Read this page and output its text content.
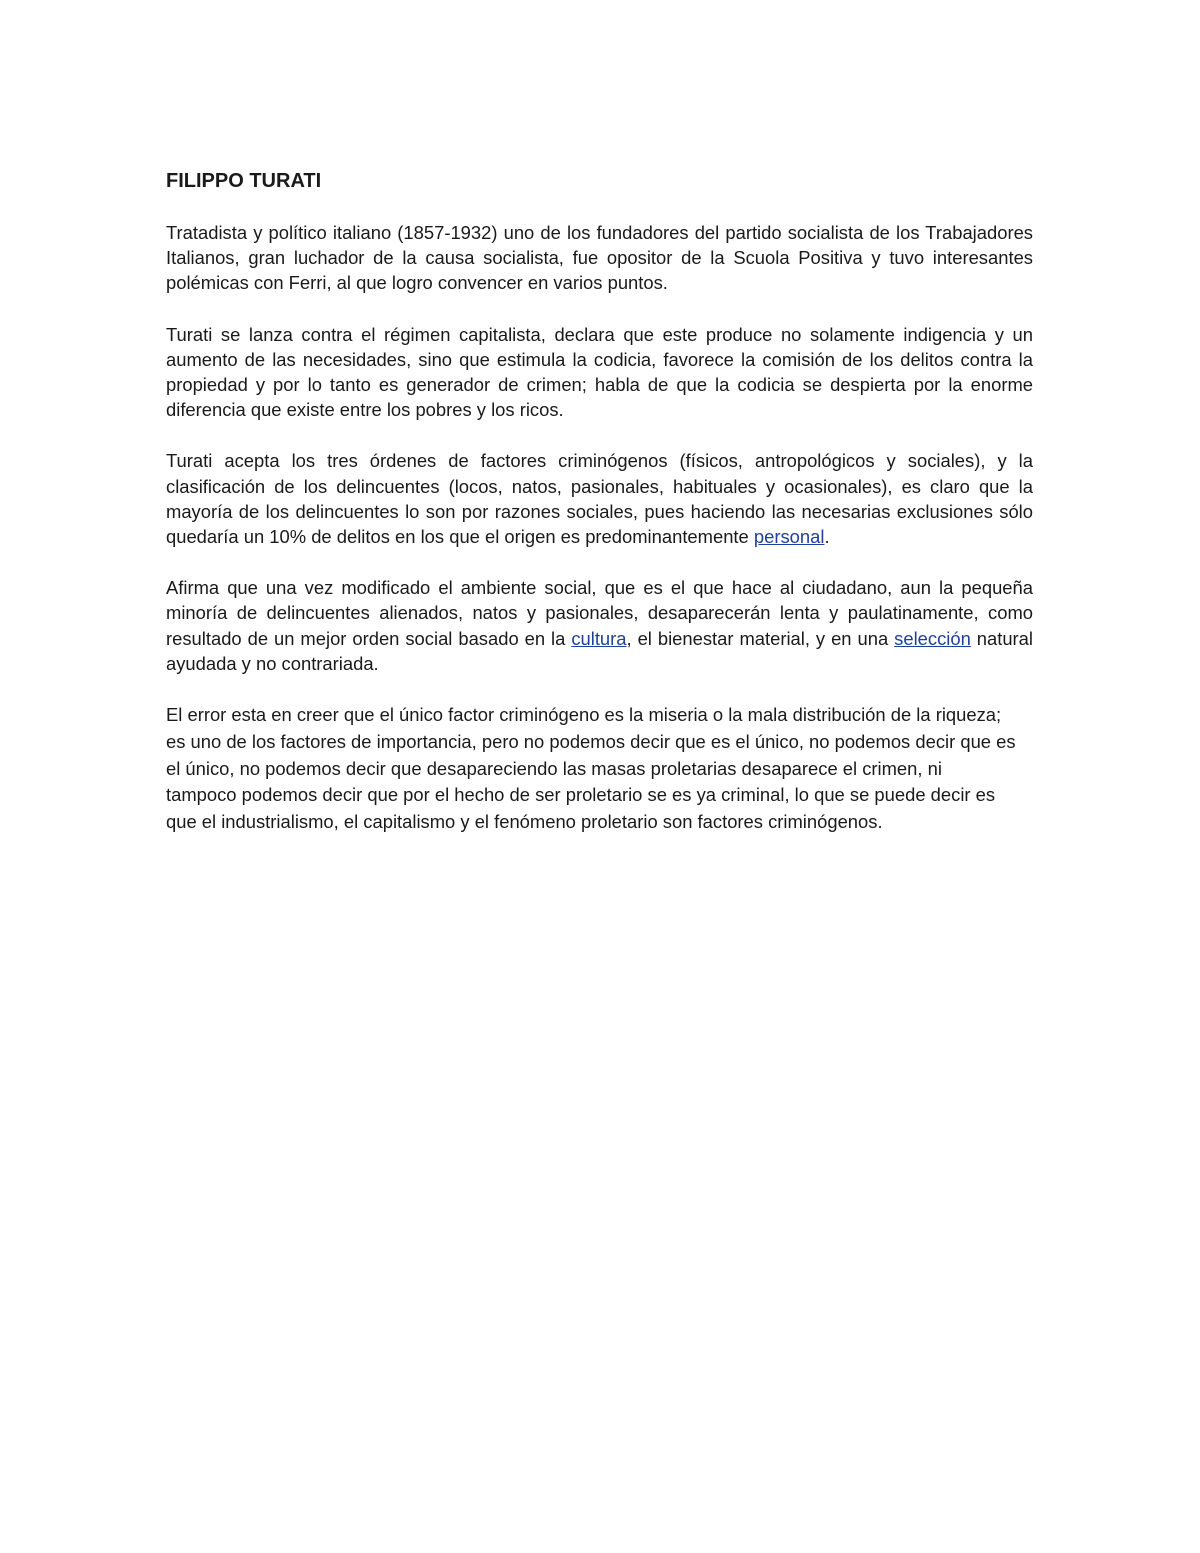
FILIPPO TURATI

Tratadista y político italiano (1857-1932) uno de los fundadores del partido socialista de los Trabajadores Italianos, gran luchador de la causa socialista, fue opositor de la Scuola Positiva y tuvo interesantes polémicas con Ferri, al que logro convencer en varios puntos.

Turati se lanza contra el régimen capitalista, declara que este produce no solamente indigencia y un aumento de las necesidades, sino que estimula la codicia, favorece la comisión de los delitos contra la propiedad y por lo tanto es generador de crimen; habla de que la codicia se despierta por la enorme diferencia que existe entre los pobres y los ricos.

Turati acepta los tres órdenes de factores criminógenos (físicos, antropológicos y sociales), y la clasificación de los delincuentes (locos, natos, pasionales, habituales y ocasionales), es claro que la mayoría de los delincuentes lo son por razones sociales, pues haciendo las necesarias exclusiones sólo quedaría un 10% de delitos en los que el origen es predominantemente personal.

Afirma que una vez modificado el ambiente social, que es el que hace al ciudadano, aun la pequeña minoría de delincuentes alienados, natos y pasionales, desaparecerán lenta y paulatinamente, como resultado de un mejor orden social basado en la cultura, el bienestar material, y en una selección natural ayudada y no contrariada.

El error esta en creer que el único factor criminógeno es la miseria o la mala distribución de la riqueza; es uno de los factores de importancia, pero no podemos decir que es el único, no podemos decir que es el único, no podemos decir que desapareciendo las masas proletarias desaparece el crimen, ni tampoco podemos decir que por el hecho de ser proletario se es ya criminal, lo que se puede decir es que el industrialismo, el capitalismo y el fenómeno proletario son factores criminógenos.
